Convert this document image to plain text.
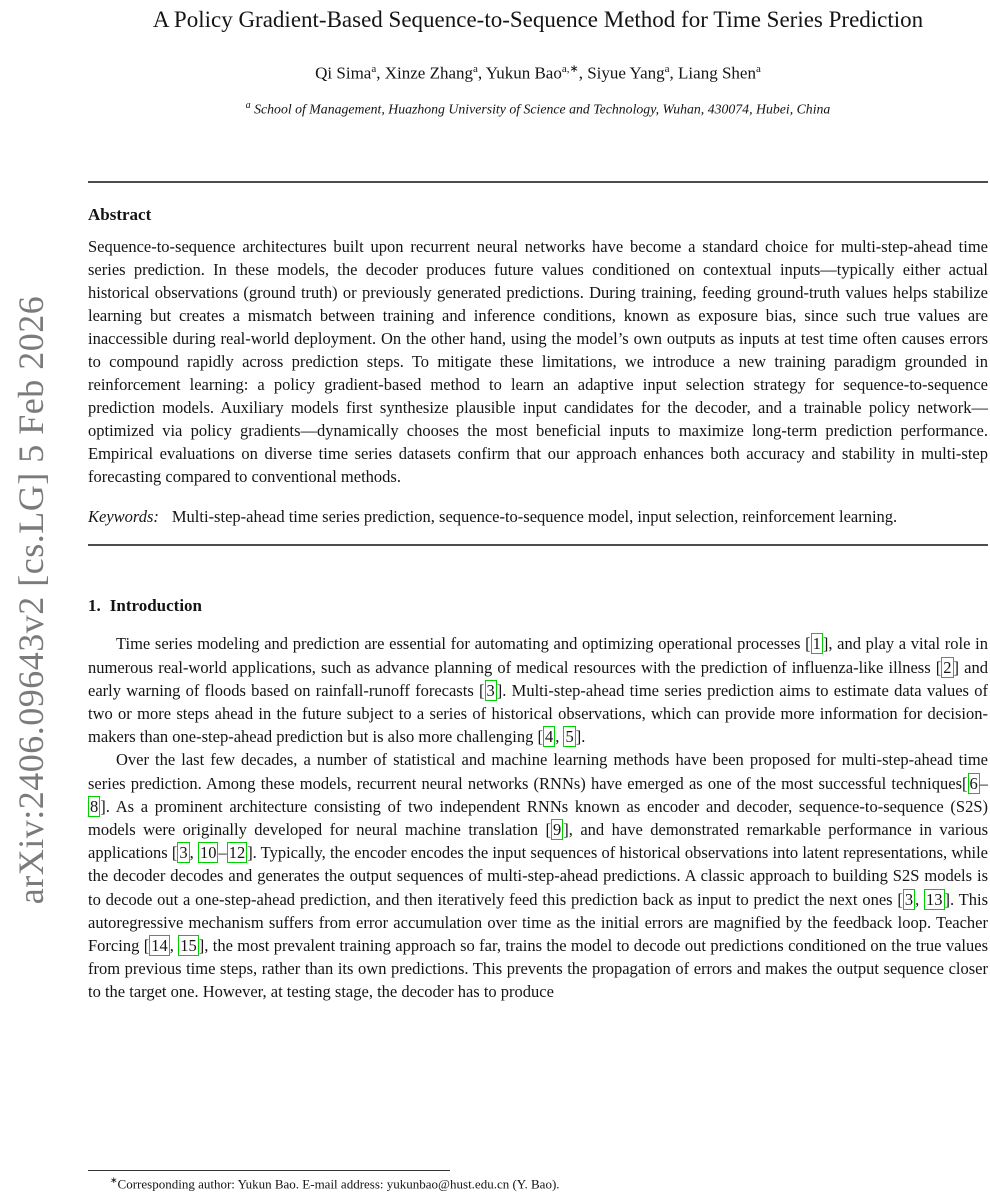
arXiv:2406.09643v2 [cs.LG] 5 Feb 2026
A Policy Gradient-Based Sequence-to-Sequence Method for Time Series Prediction
Qi Sima$^a$, Xinze Zhang$^a$, Yukun Bao$^{a,∗}$, Siyue Yang$^a$, Liang Shen$^a$
$^a$ School of Management, Huazhong University of Science and Technology, Wuhan, 430074, Hubei, China
Abstract

Sequence-to-sequence architectures built upon recurrent neural networks have become a standard choice for multi-step-ahead time series prediction. In these models, the decoder produces future values conditioned on contextual inputs—typically either actual historical observations (ground truth) or previously generated predictions. During training, feeding ground-truth values helps stabilize learning but creates a mismatch between training and inference conditions, known as exposure bias, since such true values are inaccessible during real-world deployment. On the other hand, using the model’s own outputs as inputs at test time often causes errors to compound rapidly across prediction steps. To mitigate these limitations, we introduce a new training paradigm grounded in reinforcement learning: a policy gradient-based method to learn an adaptive input selection strategy for sequence-to-sequence prediction models. Auxiliary models first synthesize plausible input candidates for the decoder, and a trainable policy network—optimized via policy gradients—dynamically chooses the most beneficial inputs to maximize long-term prediction performance. Empirical evaluations on diverse time series datasets confirm that our approach enhances both accuracy and stability in multi-step forecasting compared to conventional methods.

Keywords: Multi-step-ahead time series prediction, sequence-to-sequence model, input selection, reinforcement learning.

1. Introduction

Time series modeling and prediction are essential for automating and optimizing operational processes [ 1 ], and play a vital role in numerous real-world applications, such as advance planning of medical resources with the prediction of influenza-like illness [ 2 ] and early warning of floods based on rainfall-runoff forecasts [ 3 ]. Multi-step-ahead time series prediction aims to estimate data values of two or more steps ahead in the future subject to a series of historical observations, which can provide more information for decision-makers than one-step-ahead prediction but is also more challenging [ 4 , 5 ].

Over the last few decades, a number of statistical and machine learning methods have been proposed for multi-step-ahead time series prediction. Among these models, recurrent neural networks (RNNs) have emerged as one of the most successful techniques[ 6 –8 ]. As a prominent architecture consisting of two independent RNNs known as encoder and decoder, sequence-to-sequence (S2S) models were originally developed for neural machine translation [ 9 ], and have demonstrated remarkable performance in various applications [ 3 , 10 – 12 ]. Typically, the encoder encodes the input sequences of historical observations into latent representations, while the decoder decodes and generates the output sequences of multi-step-ahead predictions. A classic approach to building S2S models is to decode out a one-step-ahead prediction, and then iteratively feed this prediction back as input to predict the next ones [ 3 , 13 ]. This autoregressive mechanism suffers from error accumulation over time as the initial errors are magnified by the feedback loop. Teacher Forcing [ 14 , 15 ], the most prevalent training approach so far, trains the model to decode out predictions conditioned on the true values from previous time steps, rather than its own predictions. This prevents the propagation of errors and makes the output sequence closer to the target one. However, at testing stage, the decoder has to produce

∗Corresponding author: Yukun Bao. E-mail address: yukunbao@hust.edu.cn (Y. Bao).
